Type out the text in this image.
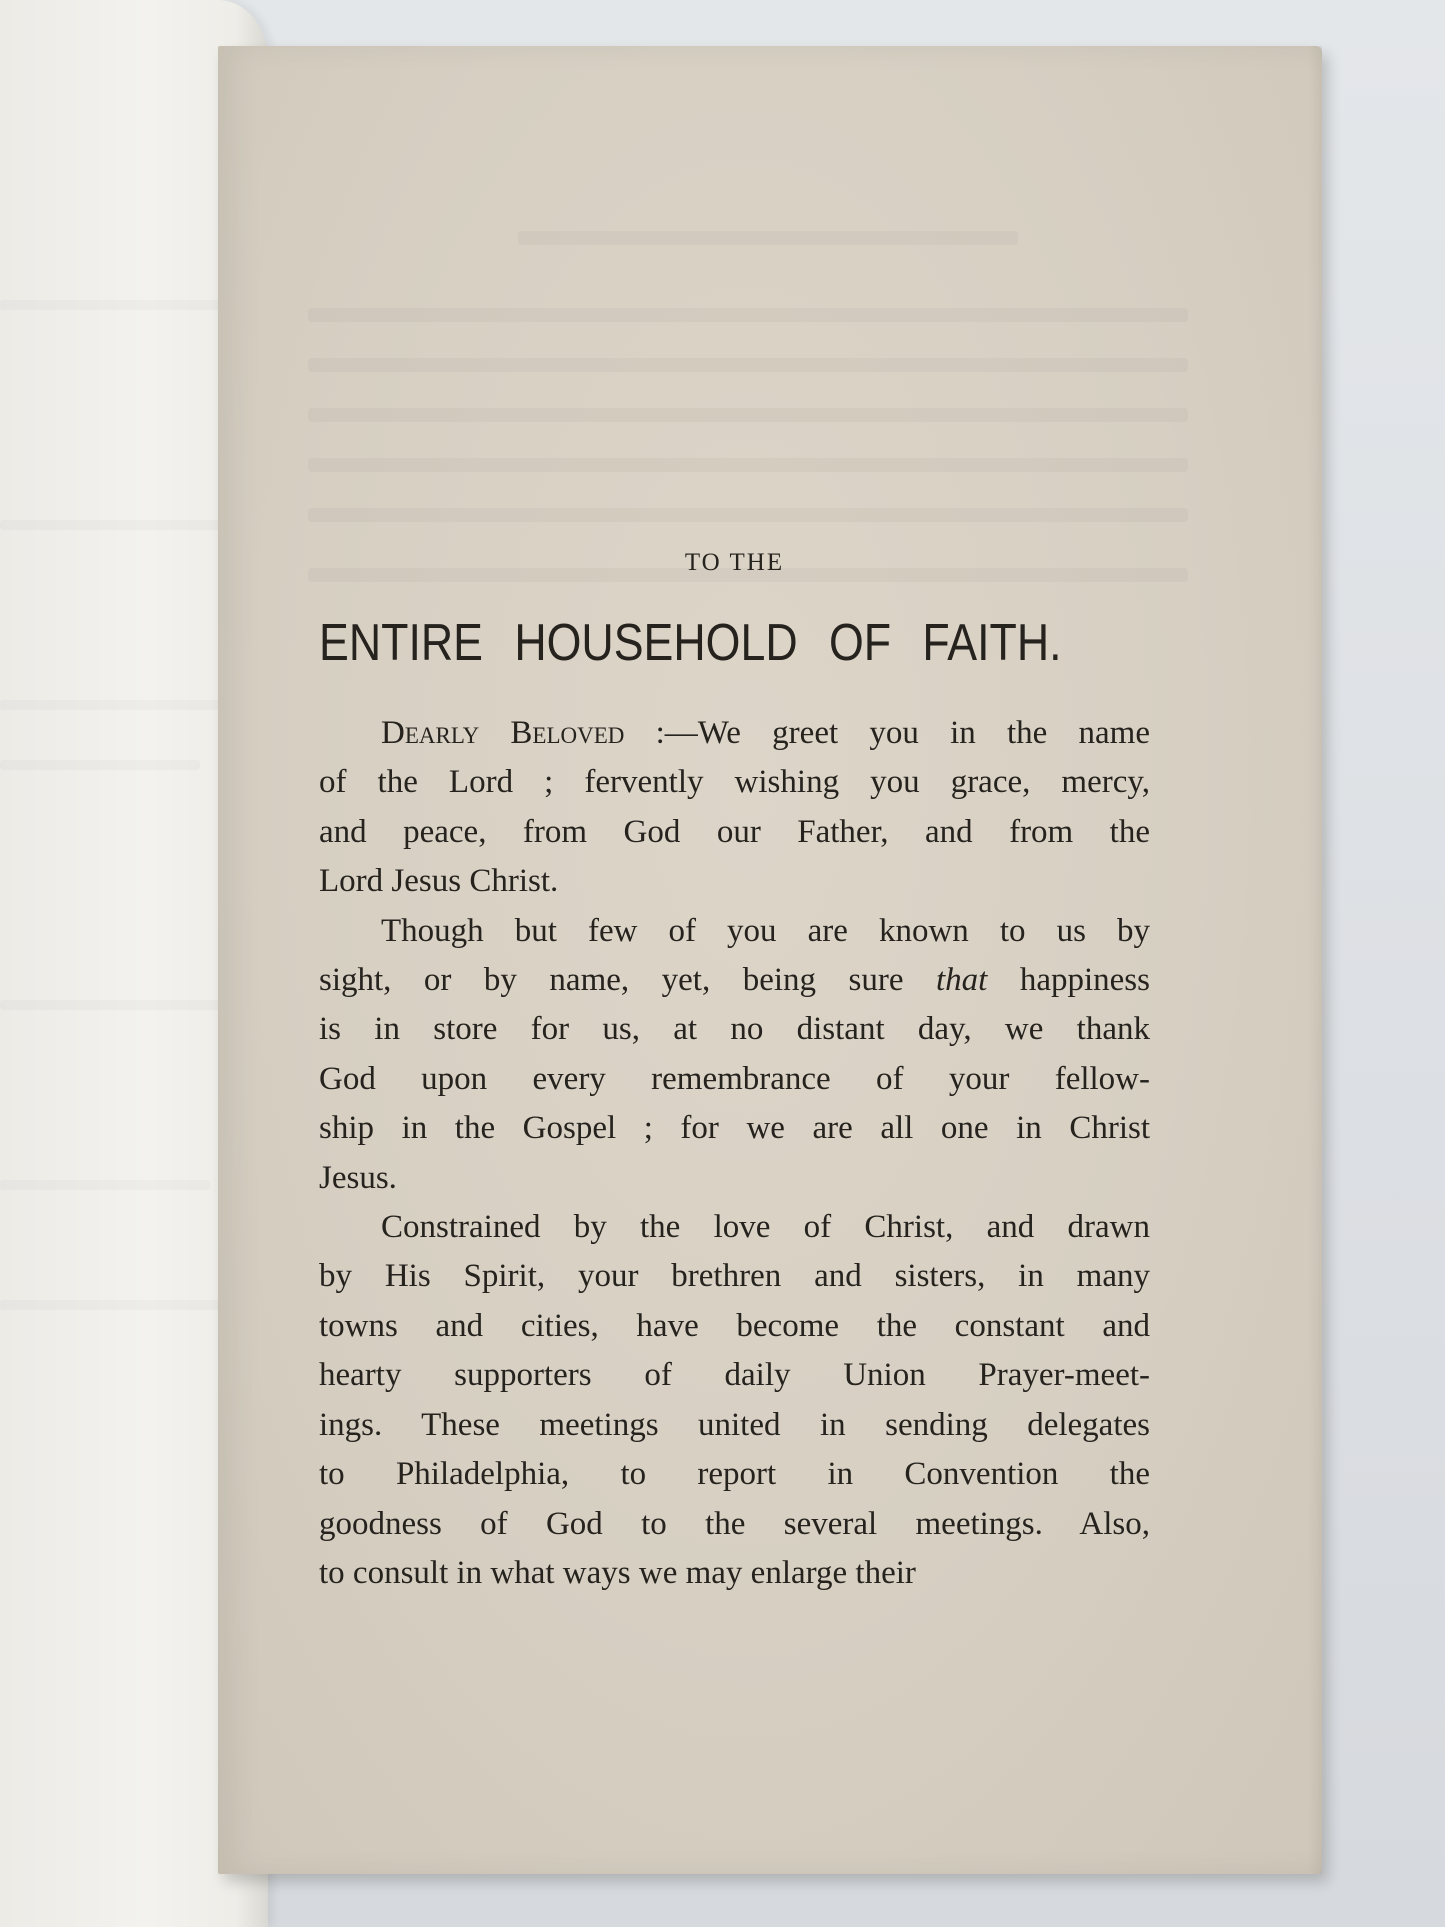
TO THE
ENTIRE HOUSEHOLD OF FAITH.
Dearly Beloved :—We greet you in the name
of the Lord ; fervently wishing you grace, mercy,
and peace, from God our Father, and from the
Lord Jesus Christ.
Though but few of you are known to us by
sight, or by name, yet, being sure that happiness
is in store for us, at no distant day, we thank
God upon every remembrance of your fellow-
ship in the Gospel ; for we are all one in Christ
Jesus.
Constrained by the love of Christ, and drawn
by His Spirit, your brethren and sisters, in many
towns and cities, have become the constant and
hearty supporters of daily Union Prayer-meet-
ings. These meetings united in sending delegates
to Philadelphia, to report in Convention the
goodness of God to the several meetings. Also,
to consult in what ways we may enlarge their
